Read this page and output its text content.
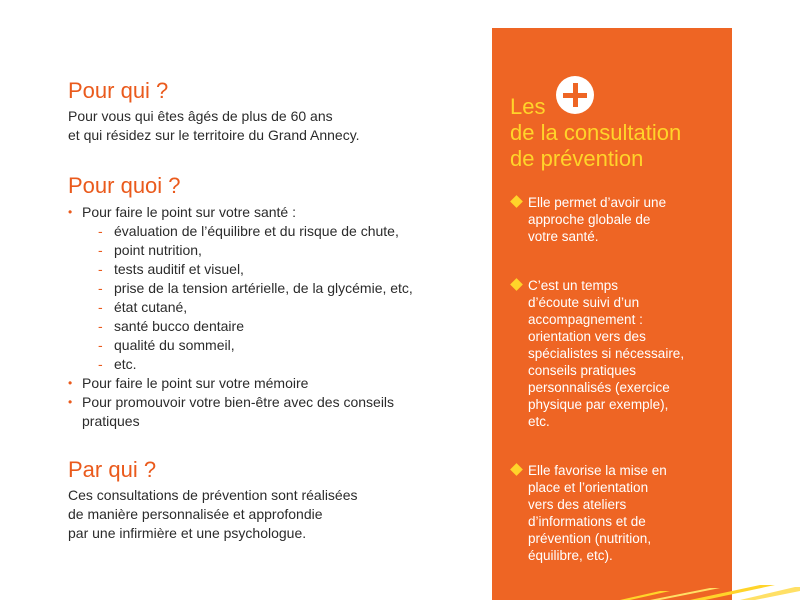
Pour qui ?

Pour vous qui êtes âgés de plus de 60 ans
et qui résidez sur le territoire du Grand Annecy.

Pour quoi ?
• Pour faire le point sur votre santé :
- évaluation de l’équilibre et du risque de chute,
- point nutrition,
- tests auditif et visuel,
- prise de la tension artérielle, de la glycémie, etc,
- état cutané,
- santé bucco dentaire
- qualité du sommeil,
- etc.
• Pour faire le point sur votre mémoire
• Pour promouvoir votre bien-être avec des conseils
pratiques
Par qui ?

Ces consultations de prévention sont réalisées
de manière personnalisée et approfondie
par une infirmière et une psychologue.

Les
de la consultation
de prévention
Elle permet d’avoir une
approche globale de
votre santé.
C’est un temps
d’écoute suivi d’un
accompagnement :
orientation vers des
spécialistes si nécessaire,
conseils pratiques
personnalisés (exercice
physique par exemple),
etc.
Elle favorise la mise en
place et l’orientation
vers des ateliers
d’informations et de
prévention (nutrition,
équilibre, etc).
